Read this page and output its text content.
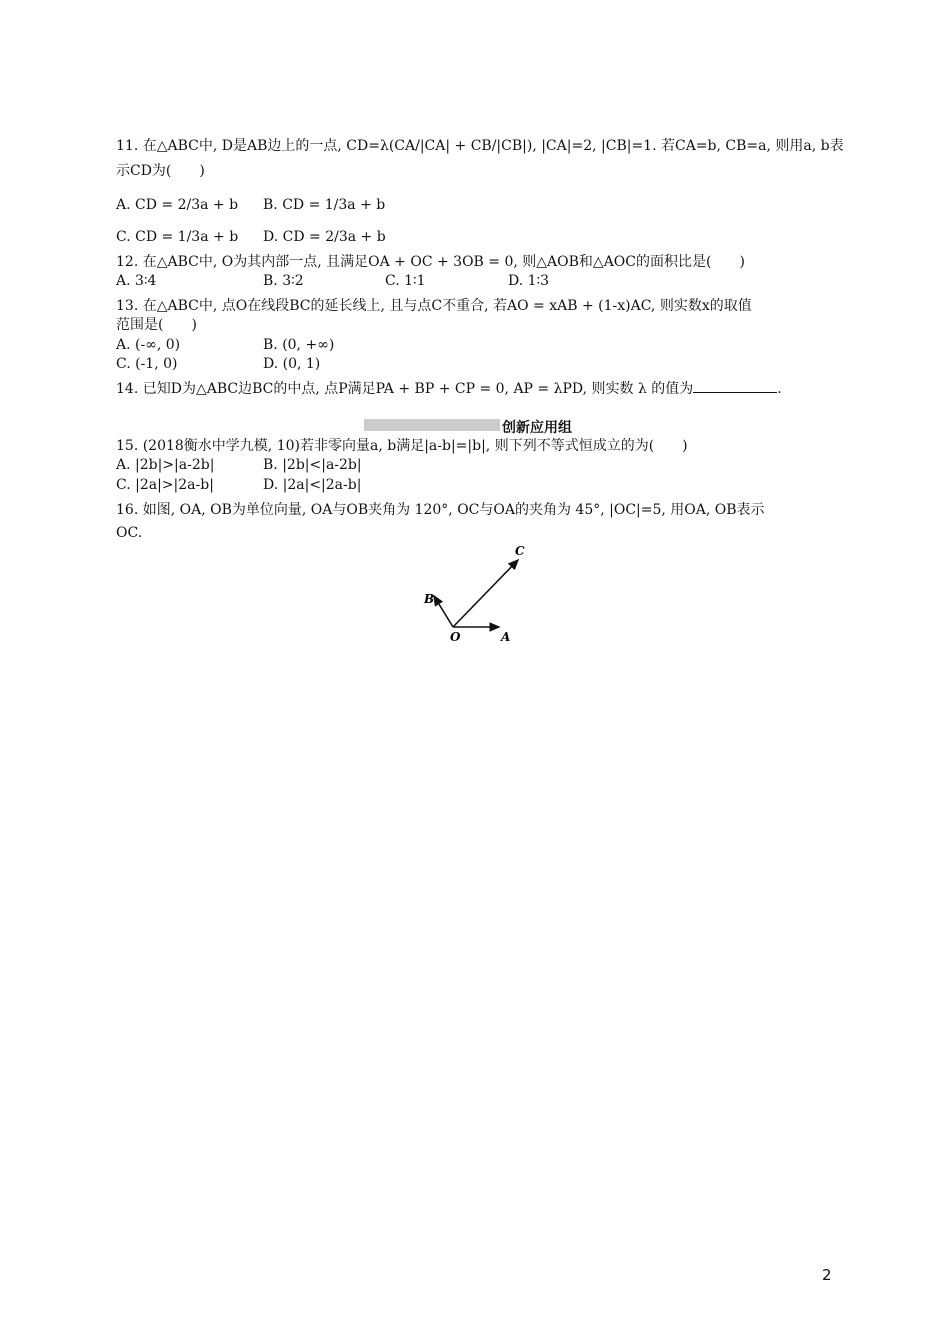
11. 在△ABC中, D是AB边上的一点, CD=λ(CA/|CA| + CB/|CB|), |CA|=2, |CB|=1. 若CA=b, CB=a, 则用a, b表
示CD为(　　)
A. CD = 2/3a + b B. CD = 1/3a + b
C. CD = 1/3a + b D. CD = 2/3a + b
12. 在△ABC中, O为其内部一点, 且满足OA + OC + 3OB = 0, 则△AOB和△AOC的面积比是(　　)
A. 3∶4	B. 3∶2	C. 1∶1	D. 1∶3
13. 在△ABC中, 点O在线段BC的延长线上, 且与点C不重合, 若AO = xAB + (1-x)AC, 则实数x的取值
范围是(　　)
A. (-∞, 0)	B. (0, +∞)
C. (-1, 0)	D. (0, 1)
14. 已知D为△ABC边BC的中点, 点P满足PA + BP + CP = 0, AP = λPD, 则实数 λ 的值为	.
创新应用组
15. (2018衡水中学九模, 10)若非零向量a, b满足|a-b|=|b|, 则下列不等式恒成立的为(　　)
A. |2b|>|a-2b|	B. |2b|<|a-2b|
C. |2a|>|2a-b|	D. |2a|<|2a-b|
16. 如图, OA, OB为单位向量, OA与OB夹角为 120°, OC与OA的夹角为 45°, |OC|=5, 用OA, OB表示
OC.
O	A
B
C
2
